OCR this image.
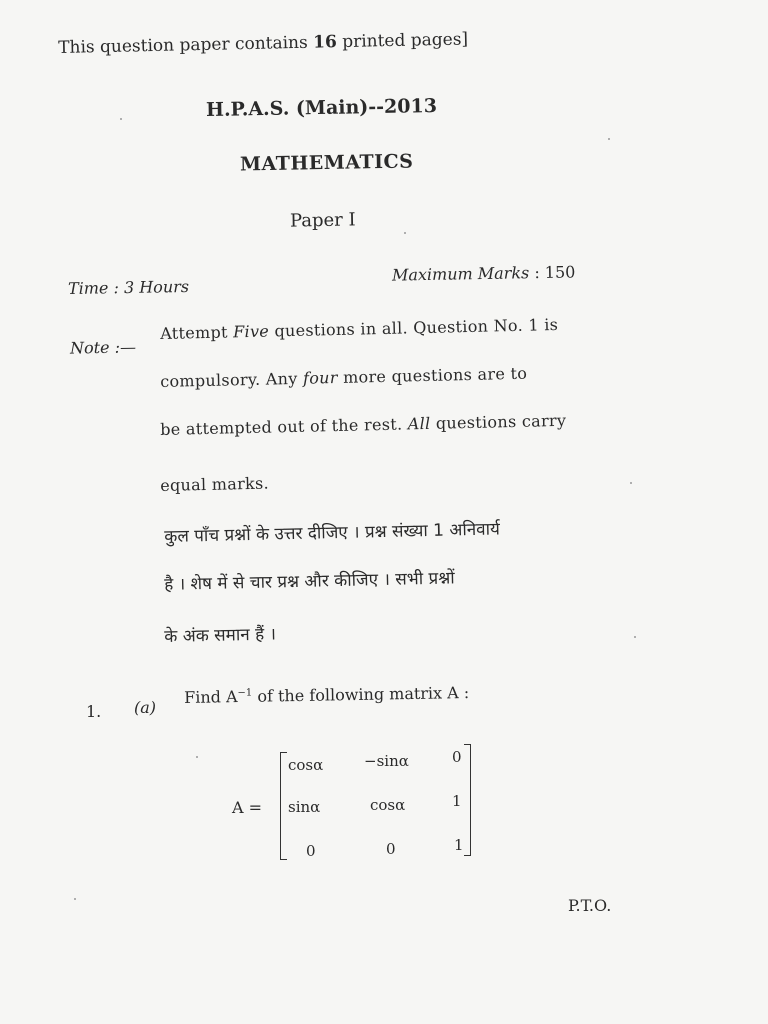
This question paper contains 16 printed pages]
H.P.A.S. (Main)--2013
MATHEMATICS
Paper I
Time : 3 Hours
Maximum Marks : 150
Note :—
Attempt Five questions in all. Question No. 1 is
compulsory. Any four more questions are to
be attempted out of the rest. All questions carry
equal marks.
कुल पाँच प्रश्नों के उत्तर दीजिए । प्रश्न संख्या 1 अनिवार्य
है । शेष में से चार प्रश्न और कीजिए । सभी प्रश्नों
के अंक समान हैं ।
1. (a)
Find $A^{-1}$ of the following matrix A :
A =
cosα	−sinα	0
sinα	cosα	1
0	0	1
P.T.O.
